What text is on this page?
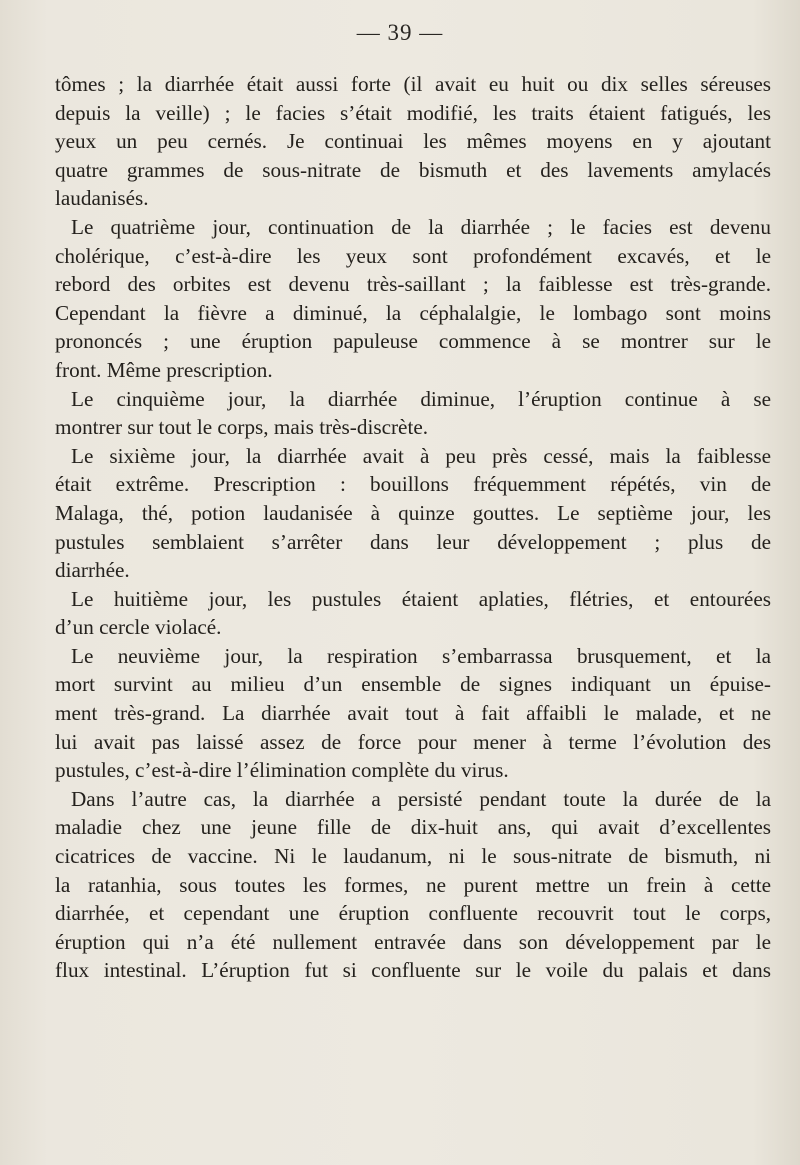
— 39 —
tômes ; la diarrhée était aussi forte (il avait eu huit ou dix selles séreuses
depuis la veille) ; le facies s’était modifié, les traits étaient fatigués, les
yeux un peu cernés. Je continuai les mêmes moyens en y ajoutant
quatre grammes de sous-nitrate de bismuth et des lavements amylacés
laudanisés.
Le quatrième jour, continuation de la diarrhée ; le facies est devenu
cholérique, c’est-à-dire les yeux sont profondément excavés, et le
rebord des orbites est devenu très-saillant ; la faiblesse est très-grande.
Cependant la fièvre a diminué, la céphalalgie, le lombago sont moins
prononcés ; une éruption papuleuse commence à se montrer sur le
front. Même prescription.
Le cinquième jour, la diarrhée diminue, l’éruption continue à se
montrer sur tout le corps, mais très-discrète.
Le sixième jour, la diarrhée avait à peu près cessé, mais la faiblesse
était extrême. Prescription : bouillons fréquemment répétés, vin de
Malaga, thé, potion laudanisée à quinze gouttes. Le septième jour, les
pustules semblaient s’arrêter dans leur développement ; plus de
diarrhée.
Le huitième jour, les pustules étaient aplaties, flétries, et entourées
d’un cercle violacé.
Le neuvième jour, la respiration s’embarrassa brusquement, et la
mort survint au milieu d’un ensemble de signes indiquant un épuise-
ment très-grand. La diarrhée avait tout à fait affaibli le malade, et ne
lui avait pas laissé assez de force pour mener à terme l’évolution des
pustules, c’est-à-dire l’élimination complète du virus.
Dans l’autre cas, la diarrhée a persisté pendant toute la durée de la
maladie chez une jeune fille de dix-huit ans, qui avait d’excellentes
cicatrices de vaccine. Ni le laudanum, ni le sous-nitrate de bismuth, ni
la ratanhia, sous toutes les formes, ne purent mettre un frein à cette
diarrhée, et cependant une éruption confluente recouvrit tout le corps,
éruption qui n’a été nullement entravée dans son développement par le
flux intestinal. L’éruption fut si confluente sur le voile du palais et dans
